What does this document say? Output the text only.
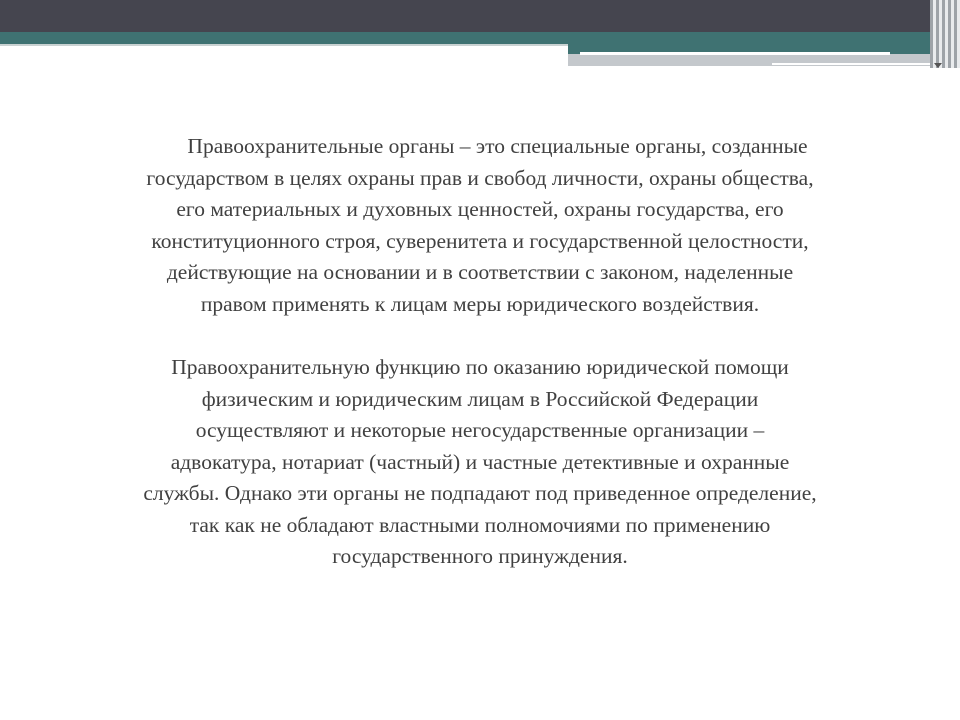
Правоохранительные органы – это специальные органы, созданные
государством в целях охраны прав и свобод личности, охраны общества,
его материальных и духовных ценностей, охраны государства, его
конституционного строя, суверенитета и государственной целостности,
действующие на основании и в соответствии с законом, наделенные
правом применять к лицам меры юридического воздействия.

Правоохранительную функцию по оказанию юридической помощи
физическим и юридическим лицам в Российской Федерации
осуществляют и некоторые негосударственные организации –
адвокатура, нотариат (частный) и частные детективные и охранные
службы. Однако эти органы не подпадают под приведенное определение,
так как не обладают властными полномочиями по применению
государственного принуждения.
